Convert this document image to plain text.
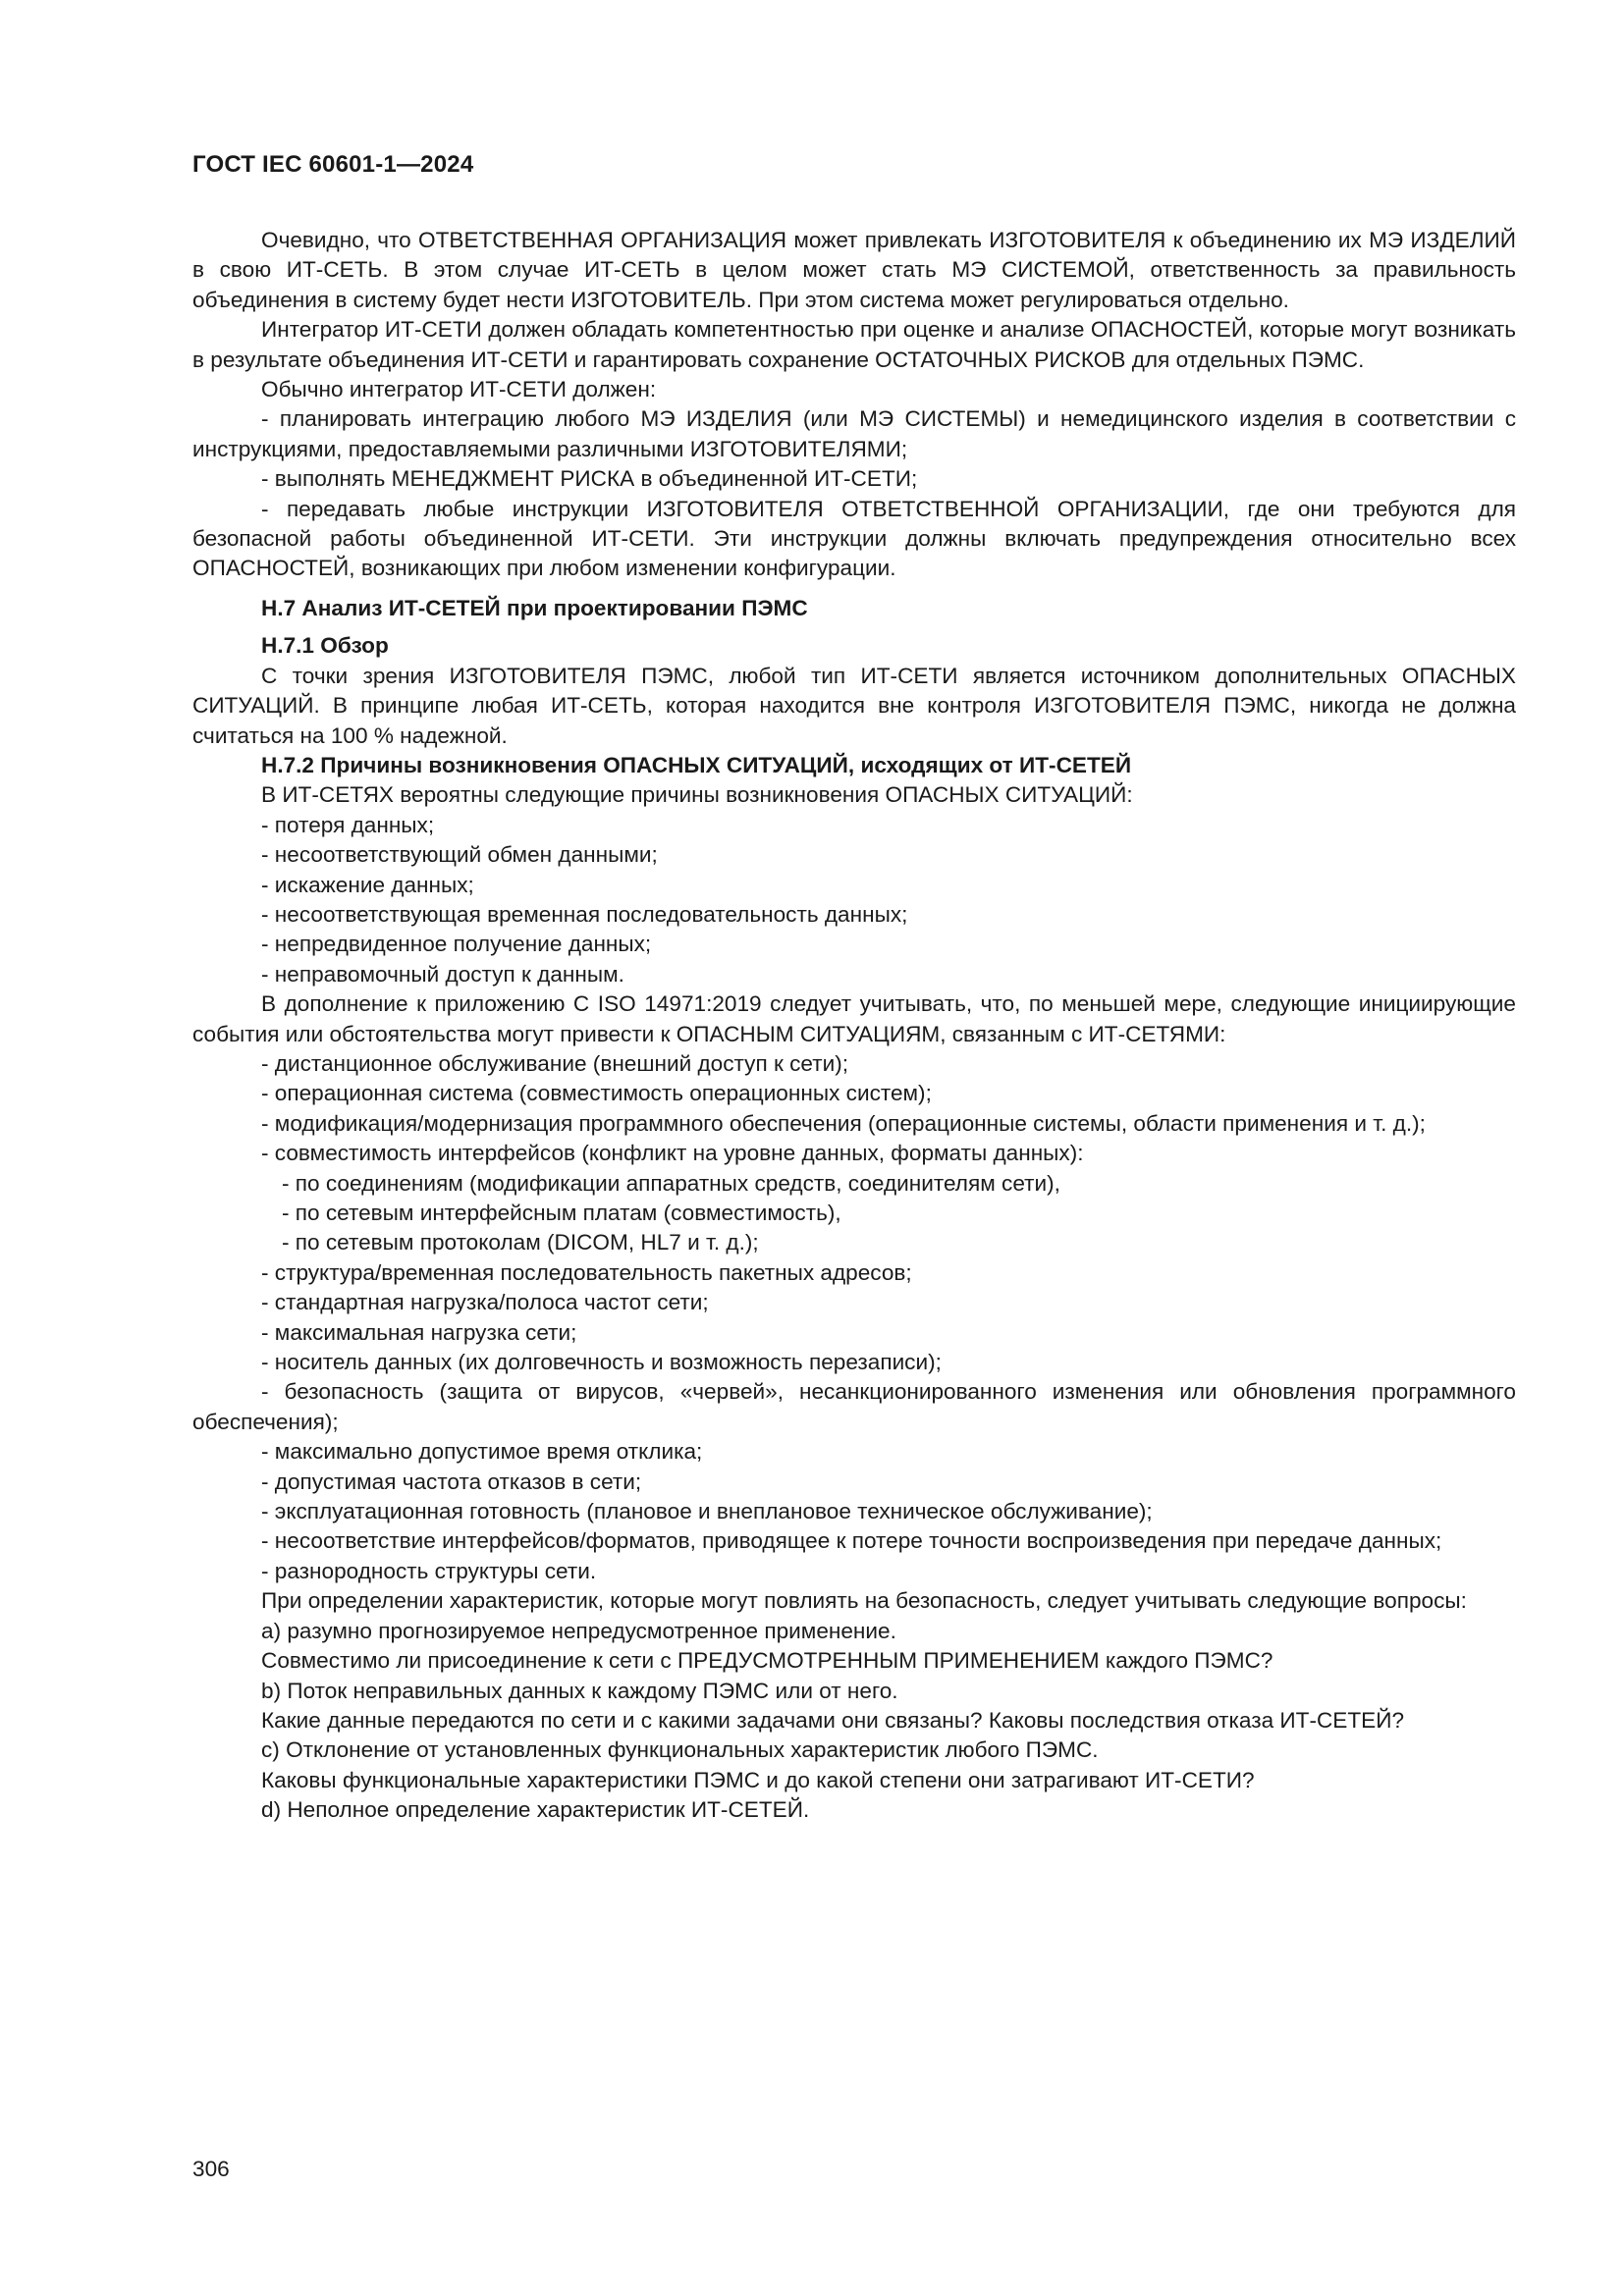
ГОСТ IEC 60601-1—2024

Очевидно, что ОТВЕТСТВЕННАЯ ОРГАНИЗАЦИЯ может привлекать ИЗГОТОВИТЕЛЯ к объединению их МЭ ИЗДЕЛИЙ в свою ИТ-СЕТЬ. В этом случае ИТ-СЕТЬ в целом может стать МЭ СИСТЕМОЙ, ответственность за правильность объединения в систему будет нести ИЗГОТОВИТЕЛЬ. При этом система может регулироваться отдельно.

Интегратор ИТ-СЕТИ должен обладать компетентностью при оценке и анализе ОПАСНОСТЕЙ, которые могут возникать в результате объединения ИТ-СЕТИ и гарантировать сохранение ОСТАТОЧНЫХ РИСКОВ для отдельных ПЭМС.

Обычно интегратор ИТ-СЕТИ должен:

- планировать интеграцию любого МЭ ИЗДЕЛИЯ (или МЭ СИСТЕМЫ) и немедицинского изделия в соответствии с инструкциями, предоставляемыми различными ИЗГОТОВИТЕЛЯМИ;

- выполнять МЕНЕДЖМЕНТ РИСКА в объединенной ИТ-СЕТИ;

- передавать любые инструкции ИЗГОТОВИТЕЛЯ ОТВЕТСТВЕННОЙ ОРГАНИЗАЦИИ, где они требуются для безопасной работы объединенной ИТ-СЕТИ. Эти инструкции должны включать предупреждения относительно всех ОПАСНОСТЕЙ, возникающих при любом изменении конфигурации.

Н.7 Анализ ИТ-СЕТЕЙ при проектировании ПЭМС

Н.7.1 Обзор

С точки зрения ИЗГОТОВИТЕЛЯ ПЭМС, любой тип ИТ-СЕТИ является источником дополнительных ОПАСНЫХ СИТУАЦИЙ. В принципе любая ИТ-СЕТЬ, которая находится вне контроля ИЗГОТОВИТЕЛЯ ПЭМС, никогда не должна считаться на 100 % надежной.

Н.7.2 Причины возникновения ОПАСНЫХ СИТУАЦИЙ, исходящих от ИТ-СЕТЕЙ

В ИТ-СЕТЯХ вероятны следующие причины возникновения ОПАСНЫХ СИТУАЦИЙ:

- потеря данных;

- несоответствующий обмен данными;

- искажение данных;

- несоответствующая временная последовательность данных;

- непредвиденное получение данных;

- неправомочный доступ к данным.

В дополнение к приложению С ISO 14971:2019 следует учитывать, что, по меньшей мере, следующие инициирующие события или обстоятельства могут привести к ОПАСНЫМ СИТУАЦИЯМ, связанным с ИТ-СЕТЯМИ:

- дистанционное обслуживание (внешний доступ к сети);

- операционная система (совместимость операционных систем);

- модификация/модернизация программного обеспечения (операционные системы, области применения и т. д.);

- совместимость интерфейсов (конфликт на уровне данных, форматы данных):

- по соединениям (модификации аппаратных средств, соединителям сети),

- по сетевым интерфейсным платам (совместимость),

- по сетевым протоколам (DICOM, HL7 и т. д.);

- структура/временная последовательность пакетных адресов;

- стандартная нагрузка/полоса частот сети;

- максимальная нагрузка сети;

- носитель данных (их долговечность и возможность перезаписи);

- безопасность (защита от вирусов, «червей», несанкционированного изменения или обновления программного обеспечения);

- максимально допустимое время отклика;

- допустимая частота отказов в сети;

- эксплуатационная готовность (плановое и внеплановое техническое обслуживание);

- несоответствие интерфейсов/форматов, приводящее к потере точности воспроизведения при передаче данных;

- разнородность структуры сети.

При определении характеристик, которые могут повлиять на безопасность, следует учитывать следующие вопросы:

a) разумно прогнозируемое непредусмотренное применение.

Совместимо ли присоединение к сети с ПРЕДУСМОТРЕННЫМ ПРИМЕНЕНИЕМ каждого ПЭМС?

b) Поток неправильных данных к каждому ПЭМС или от него.

Какие данные передаются по сети и с какими задачами они связаны? Каковы последствия отказа ИТ-СЕТЕЙ?

c) Отклонение от установленных функциональных характеристик любого ПЭМС.

Каковы функциональные характеристики ПЭМС и до какой степени они затрагивают ИТ-СЕТИ?

d) Неполное определение характеристик ИТ-СЕТЕЙ.

306
